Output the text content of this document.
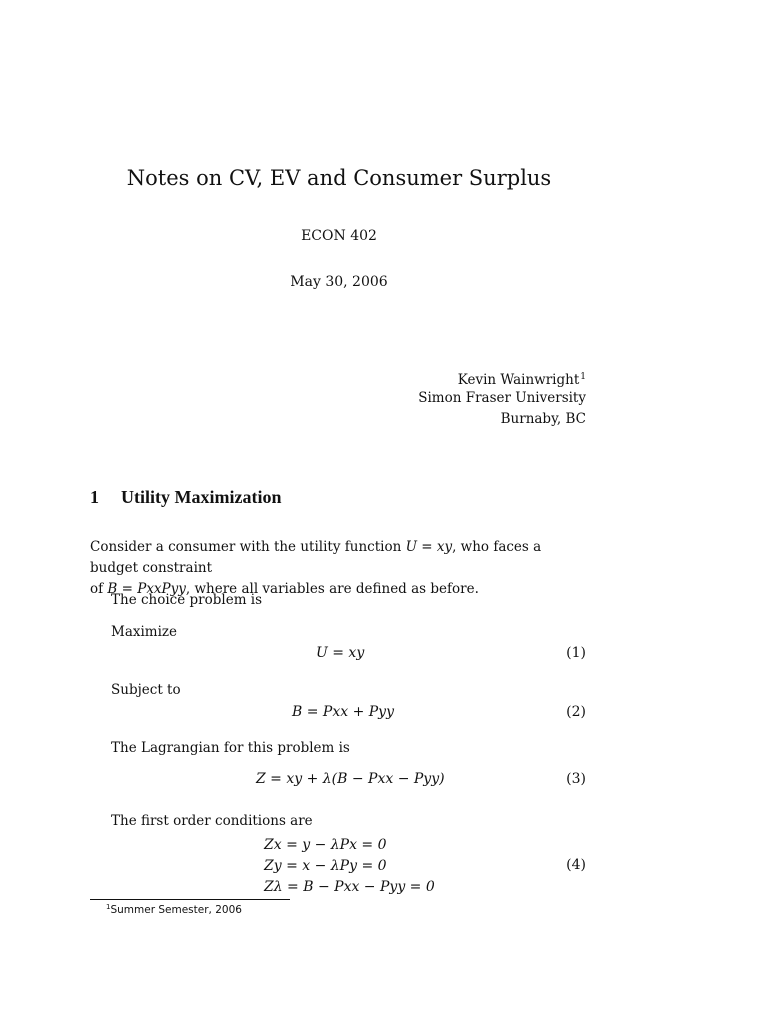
Notes on CV, EV and Consumer Surplus
ECON 402
May 30, 2006
Kevin Wainwright$^1$
Simon Fraser University
Burnaby, BC
1 Utility Maximization
Consider a consumer with the utility function U = xy, who faces a budget constraint
of B = PxxPyy, where all variables are defined as before.
The choice problem is
Maximize
U = xy	(1)
Subject to
B = Pxx + Pyy	(2)
The Lagrangian for this problem is
Z = xy + λ(B − Pxx − Pyy)	(3)
The first order conditions are
Zx = y − λPx = 0
Zy = x − λPy = 0
Zλ = B − Pxx − Pyy = 0
(4)
$^1$Summer Semester, 2006
